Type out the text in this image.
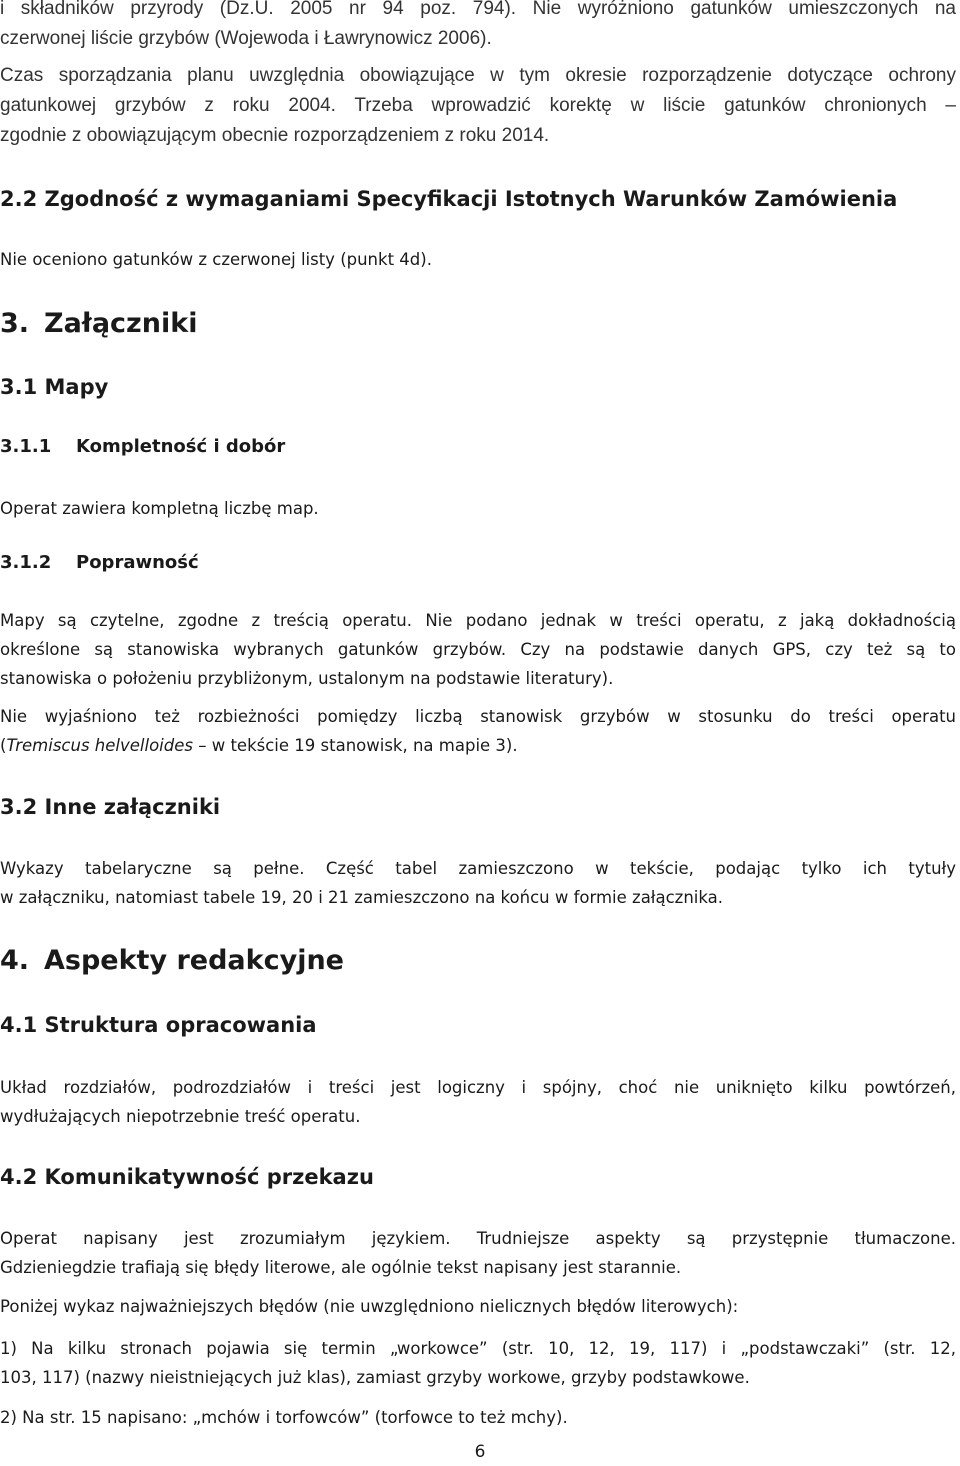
i składników przyrody (Dz.U. 2005 nr 94 poz. 794). Nie wyróżniono gatunków umieszczonych na
czerwonej liście grzybów (Wojewoda i Ławrynowicz 2006).

Czas sporządzania planu uwzględnia obowiązujące w tym okresie rozporządzenie dotyczące ochrony
gatunkowej grzybów z roku 2004. Trzeba wprowadzić korektę w liście gatunków chronionych –
zgodnie z obowiązującym obecnie rozporządzeniem z roku 2014.

2.2 Zgodność z wymaganiami Specyfikacji Istotnych Warunków Zamówienia

Nie oceniono gatunków z czerwonej listy (punkt 4d).

3. Załączniki
3.1 Mapy
3.1.1 Kompletność i dobór

Operat zawiera kompletną liczbę map.

3.1.2 Poprawność

Mapy są czytelne, zgodne z treścią operatu. Nie podano jednak w treści operatu, z jaką dokładnością
określone są stanowiska wybranych gatunków grzybów. Czy na podstawie danych GPS, czy też są to
stanowiska o położeniu przybliżonym, ustalonym na podstawie literatury).

Nie wyjaśniono też rozbieżności pomiędzy liczbą stanowisk grzybów w stosunku do treści operatu
(Tremiscus helvelloides – w tekście 19 stanowisk, na mapie 3).

3.2 Inne załączniki

Wykazy tabelaryczne są pełne. Część tabel zamieszczono w tekście, podając tylko ich tytuły
w załączniku, natomiast tabele 19, 20 i 21 zamieszczono na końcu w formie załącznika.

4. Aspekty redakcyjne
4.1 Struktura opracowania

Układ rozdziałów, podrozdziałów i treści jest logiczny i spójny, choć nie uniknięto kilku powtórzeń,
wydłużających niepotrzebnie treść operatu.

4.2 Komunikatywność przekazu

Operat napisany jest zrozumiałym językiem. Trudniejsze aspekty są przystępnie tłumaczone.
Gdzieniegdzie trafiają się błędy literowe, ale ogólnie tekst napisany jest starannie.

Poniżej wykaz najważniejszych błędów (nie uwzględniono nielicznych błędów literowych):

1) Na kilku stronach pojawia się termin „workowce” (str. 10, 12, 19, 117) i „podstawczaki” (str. 12,
103, 117) (nazwy nieistniejących już klas), zamiast grzyby workowe, grzyby podstawkowe.

2) Na str. 15 napisano: „mchów i torfowców” (torfowce to też mchy).

6
